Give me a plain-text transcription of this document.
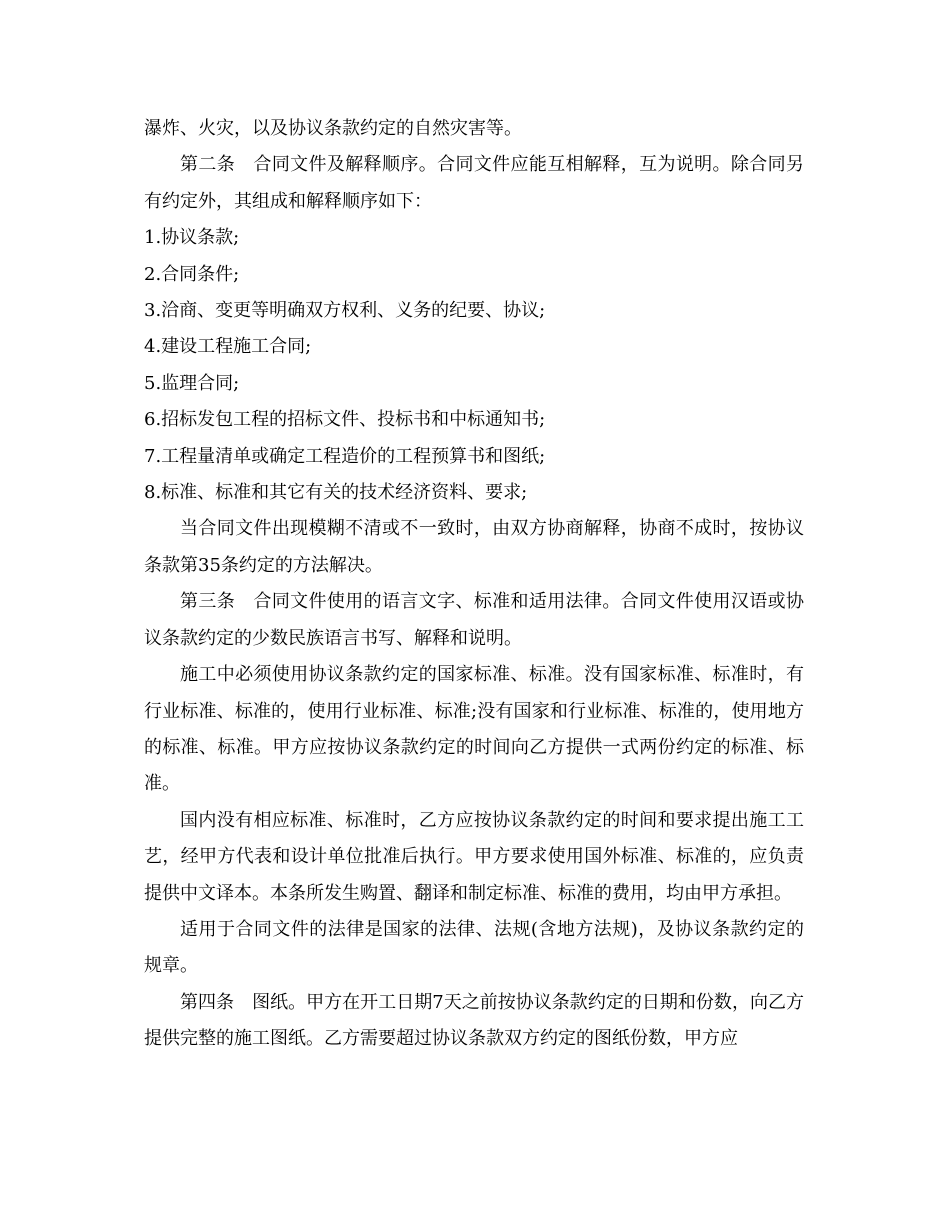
瀑炸、火灾，以及协议条款约定的自然灾害等。

第二条　合同文件及解释顺序。合同文件应能互相解释，互为说明。除合同另有约定外，其组成和解释顺序如下：

1.协议条款;

2.合同条件;

3.洽商、变更等明确双方权利、义务的纪要、协议;

4.建设工程施工合同;

5.监理合同;

6.招标发包工程的招标文件、投标书和中标通知书;

7.工程量清单或确定工程造价的工程预算书和图纸;

8.标准、标准和其它有关的技术经济资料、要求;

当合同文件出现模糊不清或不一致时，由双方协商解释，协商不成时，按协议条款第35条约定的方法解决。

第三条　合同文件使用的语言文字、标准和适用法律。合同文件使用汉语或协议条款约定的少数民族语言书写、解释和说明。

施工中必须使用协议条款约定的国家标准、标准。没有国家标准、标准时，有行业标准、标准的，使用行业标准、标准;没有国家和行业标准、标准的，使用地方的标准、标准。甲方应按协议条款约定的时间向乙方提供一式两份约定的标准、标准。

国内没有相应标准、标准时，乙方应按协议条款约定的时间和要求提出施工工艺，经甲方代表和设计单位批准后执行。甲方要求使用国外标准、标准的，应负责提供中文译本。本条所发生购置、翻译和制定标准、标准的费用，均由甲方承担。

适用于合同文件的法律是国家的法律、法规(含地方法规)，及协议条款约定的规章。

第四条　图纸。甲方在开工日期7天之前按协议条款约定的日期和份数，向乙方提供完整的施工图纸。乙方需要超过协议条款双方约定的图纸份数，甲方应
